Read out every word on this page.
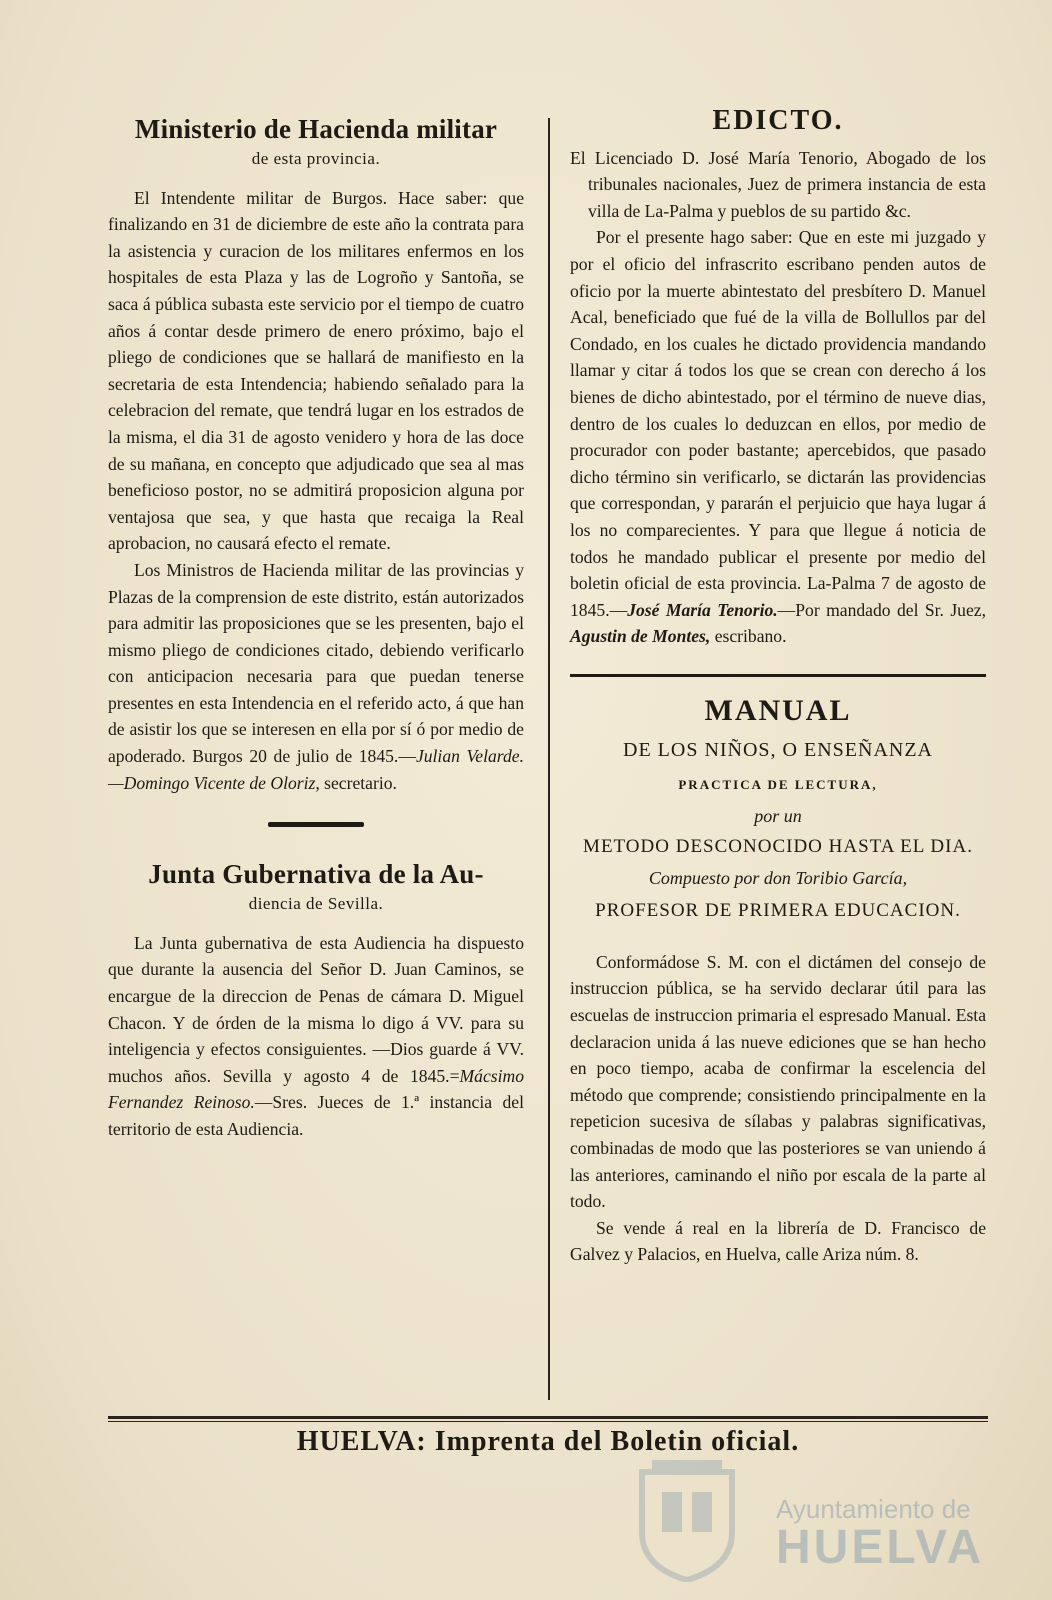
Ministerio de Hacienda militar
de esta provincia.

El Intendente militar de Burgos. Hace saber: que finalizando en 31 de diciembre de este año la contrata para la asistencia y curacion de los militares enfermos en los hospitales de esta Plaza y las de Logroño y Santoña, se saca á pública subasta este servicio por el tiempo de cuatro años á contar desde primero de enero próximo, bajo el pliego de condiciones que se hallará de manifiesto en la secretaria de esta Intendencia; habiendo señalado para la celebracion del remate, que tendrá lugar en los estrados de la misma, el dia 31 de agosto venidero y hora de las doce de su mañana, en concepto que adjudicado que sea al mas beneficioso postor, no se admitirá proposicion alguna por ventajosa que sea, y que hasta que recaiga la Real aprobacion, no causará efecto el remate.

Los Ministros de Hacienda militar de las provincias y Plazas de la comprension de este distrito, están autorizados para admitir las proposiciones que se les presenten, bajo el mismo pliego de condiciones citado, debiendo verificarlo con anticipacion necesaria para que puedan tenerse presentes en esta Intendencia en el referido acto, á que han de asistir los que se interesen en ella por sí ó por medio de apoderado. Burgos 20 de julio de 1845.—Julian Velarde.—Domingo Vicente de Oloriz, secretario.

Junta Gubernativa de la Au-
diencia de Sevilla.

La Junta gubernativa de esta Audiencia ha dispuesto que durante la ausencia del Señor D. Juan Caminos, se encargue de la direccion de Penas de cámara D. Miguel Chacon. Y de órden de la misma lo digo á VV. para su inteligencia y efectos consiguientes. —Dios guarde á VV. muchos años. Sevilla y agosto 4 de 1845.=Mácsimo Fernandez Reinoso.—Sres. Jueces de 1.ª instancia del territorio de esta Audiencia.

EDICTO.

El Licenciado D. José María Tenorio, Abogado de los tribunales nacionales, Juez de primera instancia de esta villa de La-Palma y pueblos de su partido &c.

Por el presente hago saber: Que en este mi juzgado y por el oficio del infrascrito escribano penden autos de oficio por la muerte abintestato del presbítero D. Manuel Acal, beneficiado que fué de la villa de Bollullos par del Condado, en los cuales he dictado providencia mandando llamar y citar á todos los que se crean con derecho á los bienes de dicho abintestado, por el término de nueve dias, dentro de los cuales lo deduzcan en ellos, por medio de procurador con poder bastante; apercebidos, que pasado dicho término sin verificarlo, se dictarán las providencias que correspondan, y pararán el perjuicio que haya lugar á los no comparecientes. Y para que llegue á noticia de todos he mandado publicar el presente por medio del boletin oficial de esta provincia. La-Palma 7 de agosto de 1845.—José María Tenorio.—Por mandado del Sr. Juez, Agustin de Montes, escribano.

MANUAL
DE LOS NIÑOS, O ENSEÑANZA
PRACTICA DE LECTURA,
por un
METODO DESCONOCIDO HASTA EL DIA.
Compuesto por don Toribio García,
PROFESOR DE PRIMERA EDUCACION.

Conformádose S. M. con el dictámen del consejo de instruccion pública, se ha servido declarar útil para las escuelas de instruccion primaria el espresado Manual. Esta declaracion unida á las nueve ediciones que se han hecho en poco tiempo, acaba de confirmar la escelencia del método que comprende; consistiendo principalmente en la repeticion sucesiva de sílabas y palabras significativas, combinadas de modo que las posteriores se van uniendo á las anteriores, caminando el niño por escala de la parte al todo.

Se vende á real en la librería de D. Francisco de Galvez y Palacios, en Huelva, calle Ariza núm. 8.

HUELVA: Imprenta del Boletin oficial.
Ayuntamiento de
HUELVA
